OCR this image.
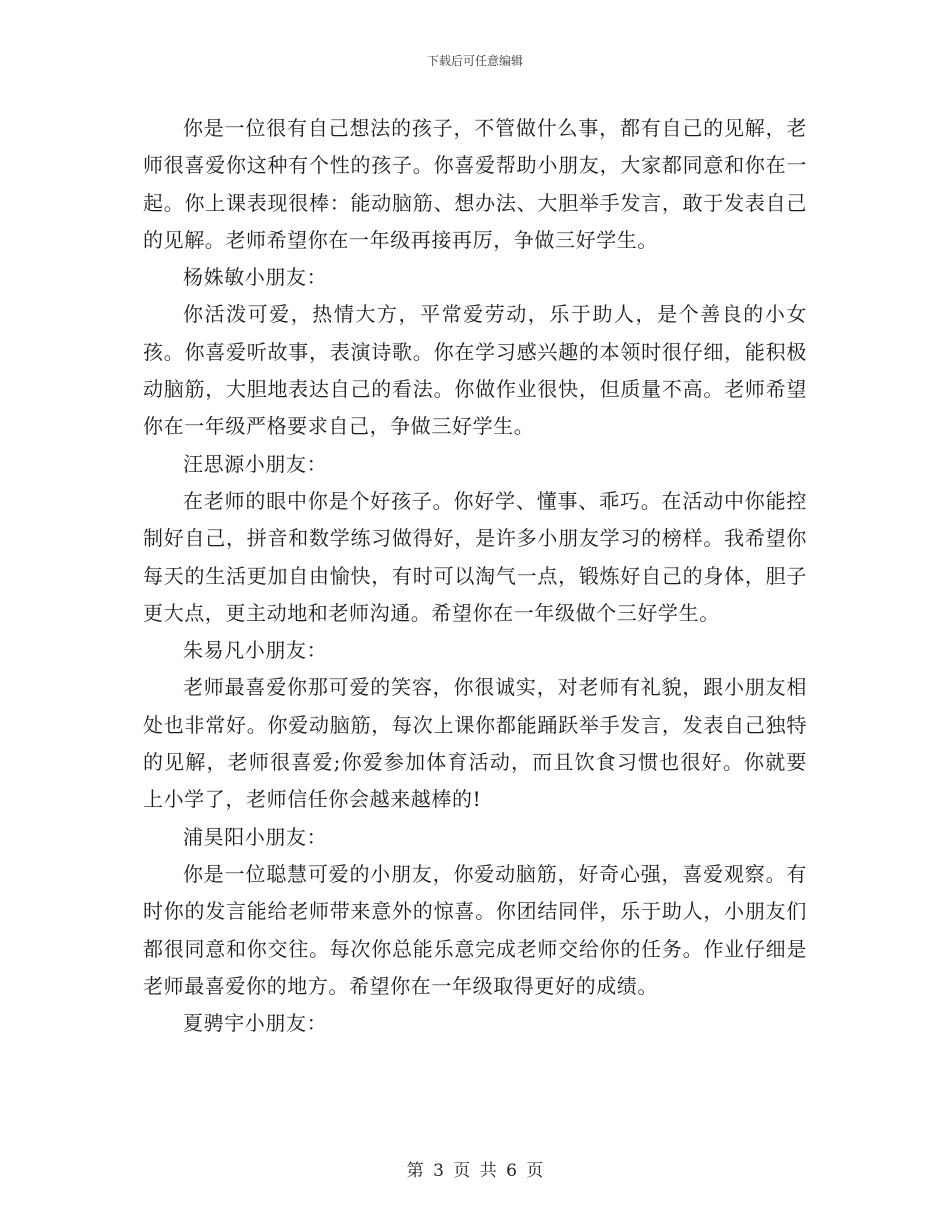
下载后可任意编辑

你是一位很有自己想法的孩子，不管做什么事，都有自己的见解，老师很喜爱你这种有个性的孩子。你喜爱帮助小朋友，大家都同意和你在一起。你上课表现很棒：能动脑筋、想办法、大胆举手发言，敢于发表自己的见解。老师希望你在一年级再接再厉，争做三好学生。

杨姝敏小朋友：

你活泼可爱，热情大方，平常爱劳动，乐于助人，是个善良的小女孩。你喜爱听故事，表演诗歌。你在学习感兴趣的本领时很仔细，能积极动脑筋，大胆地表达自己的看法。你做作业很快，但质量不高。老师希望你在一年级严格要求自己，争做三好学生。

汪思源小朋友：

在老师的眼中你是个好孩子。你好学、懂事、乖巧。在活动中你能控制好自己，拼音和数学练习做得好，是许多小朋友学习的榜样。我希望你每天的生活更加自由愉快，有时可以淘气一点，锻炼好自己的身体，胆子更大点，更主动地和老师沟通。希望你在一年级做个三好学生。

朱易凡小朋友：

老师最喜爱你那可爱的笑容，你很诚实，对老师有礼貌，跟小朋友相处也非常好。你爱动脑筋，每次上课你都能踊跃举手发言，发表自己独特的见解，老师很喜爱;你爱参加体育活动，而且饮食习惯也很好。你就要上小学了，老师信任你会越来越棒的!

浦昊阳小朋友：

你是一位聪慧可爱的小朋友，你爱动脑筋，好奇心强，喜爱观察。有时你的发言能给老师带来意外的惊喜。你团结同伴，乐于助人，小朋友们都很同意和你交往。每次你总能乐意完成老师交给你的任务。作业仔细是老师最喜爱你的地方。希望你在一年级取得更好的成绩。

夏骋宇小朋友：

第 3 页 共 6 页
